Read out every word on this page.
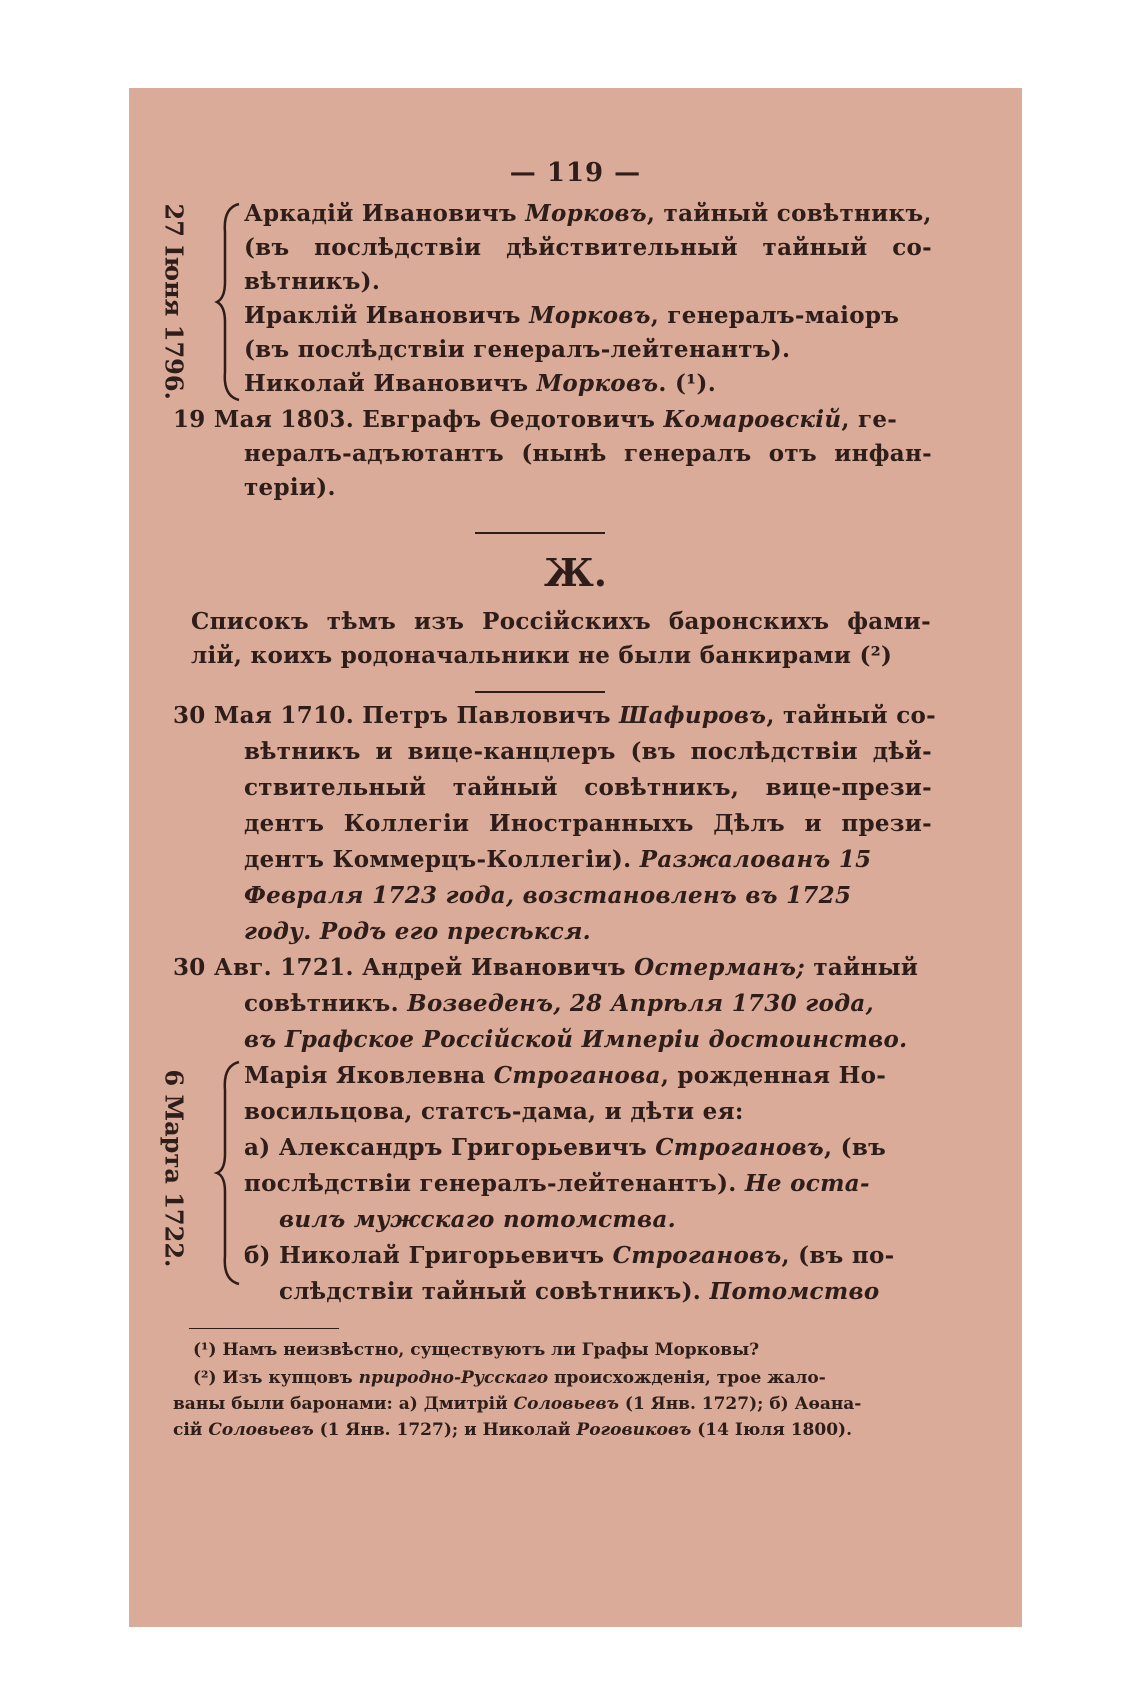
— 119 —
27 Іюня 1796. Аркадій Ивановичъ Морковъ, тайный совѣтникъ,
(въ послѣдствіи дѣйствительный тайный со-
вѣтникъ).
Ираклій Ивановичъ Морковъ, генералъ-маіоръ
(въ послѣдствіи генералъ-лейтенантъ).
Николай Ивановичъ Морковъ. (¹).
19 Мая 1803. Евграфъ Өедотовичъ Комаровскій, ге-
нералъ-адъютантъ (нынѣ генералъ отъ инфан-
теріи).
Ж.
Списокъ тѣмъ изъ Россійскихъ баронскихъ фами-
лій, коихъ родоначальники не были банкирами (²)
30 Мая 1710. Петръ Павловичъ Шафировъ, тайный со-
вѣтникъ и вице-канцлеръ (въ послѣдствіи дѣй-
ствительный тайный совѣтникъ, вице-прези-
дентъ Коллегіи Иностранныхъ Дѣлъ и прези-
дентъ Коммерцъ-Коллегіи). Разжалованъ 15
Февраля 1723 года, возстановленъ въ 1725
году. Родъ его пресѣкся.
30 Авг. 1721. Андрей Ивановичъ Остерманъ; тайный
совѣтникъ. Возведенъ, 28 Апрѣля 1730 года,
въ Графское Россійской Имперіи достоинство.
6 Марта 1722. Марія Яковлевна Строганова, рожденная Но-
восильцова, статсъ-дама, и дѣти ея:
а) Александръ Григорьевичъ Строгановъ, (въ
послѣдствіи генералъ-лейтенантъ). Не оста-
вилъ мужскаго потомства.
б) Николай Григорьевичъ Строгановъ, (въ по-
слѣдствіи тайный совѣтникъ). Потомство
(¹) Намъ неизвѣстно, существуютъ ли Графы Морковы?
(²) Изъ купцовъ природно-Русскаго происхожденія, трое жало-
ваны были баронами: а) Дмитрій Соловьевъ (1 Янв. 1727); б) Аөана-
сій Соловьевъ (1 Янв. 1727); и Николай Роговиковъ (14 Іюля 1800).
